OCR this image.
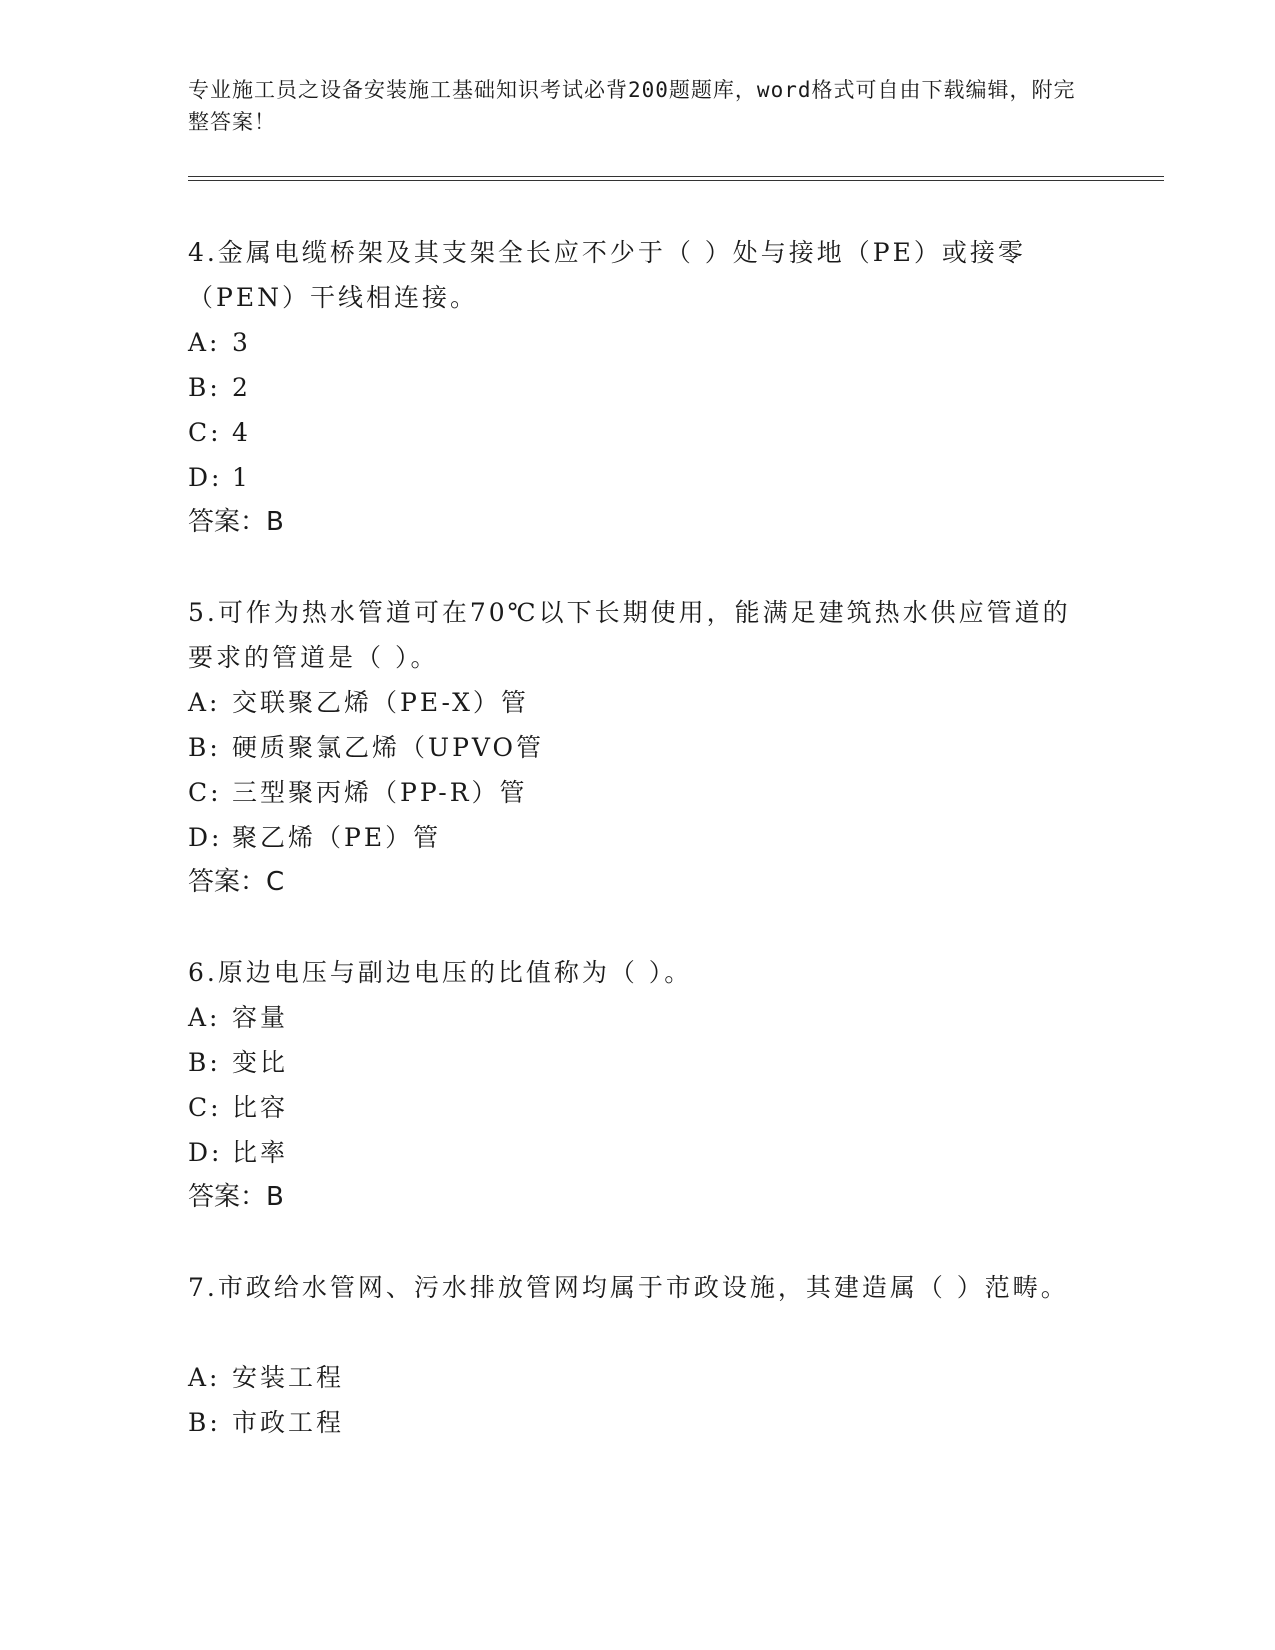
专业施工员之设备安装施工基础知识考试必背200题题库，word格式可自由下载编辑，附完整答案！
4.金属电缆桥架及其支架全长应不少于（ ）处与接地（PE）或接零（PEN）干线相连接。
A: 3
B: 2
C: 4
D: 1
答案：B
5.可作为热水管道可在70℃以下长期使用，能满足建筑热水供应管道的要求的管道是（ ）。
A: 交联聚乙烯（PE-X）管
B: 硬质聚氯乙烯（UPVO管
C: 三型聚丙烯（PP-R）管
D: 聚乙烯（PE）管
答案：C
6.原边电压与副边电压的比值称为（ ）。
A: 容量
B: 变比
C: 比容
D: 比率
答案：B
7.市政给水管网、污水排放管网均属于市政设施，其建造属（ ）范畴。
A: 安装工程
B: 市政工程
